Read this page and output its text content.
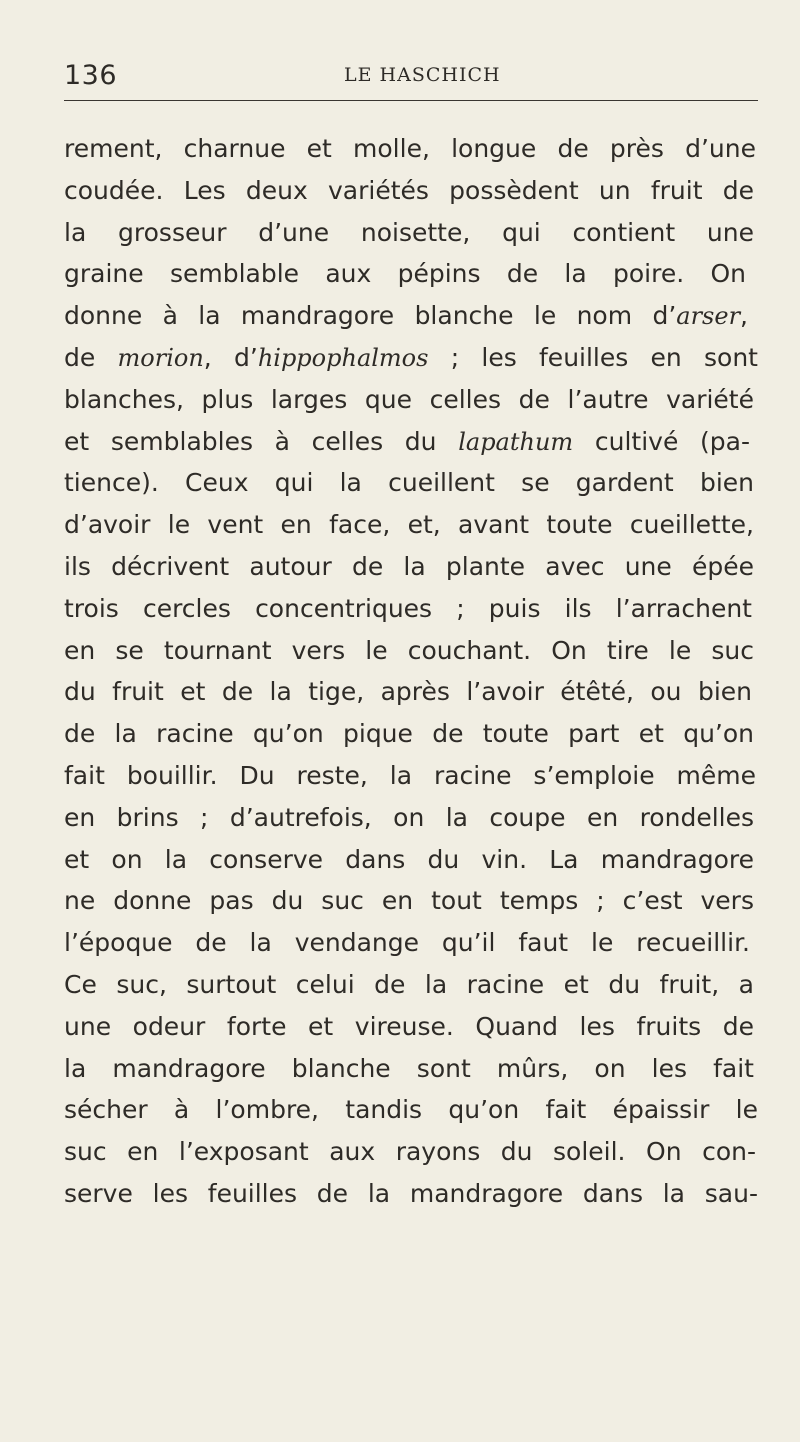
136	LE HASCHICH
rement, charnue et molle, longue de près d’une
coudée. Les deux variétés possèdent un fruit de
la grosseur d’une noisette, qui contient une
graine semblable aux pépins de la poire. On
donne à la mandragore blanche le nom d’arser,
de morion, d’hippophalmos ; les feuilles en sont
blanches, plus larges que celles de l’autre variété
et semblables à celles du lapathum cultivé (pa-
tience). Ceux qui la cueillent se gardent bien
d’avoir le vent en face, et, avant toute cueillette,
ils décrivent autour de la plante avec une épée
trois cercles concentriques ; puis ils l’arrachent
en se tournant vers le couchant. On tire le suc
du fruit et de la tige, après l’avoir étêté, ou bien
de la racine qu’on pique de toute part et qu’on
fait bouillir. Du reste, la racine s’emploie même
en brins ; d’autrefois, on la coupe en rondelles
et on la conserve dans du vin. La mandragore
ne donne pas du suc en tout temps ; c’est vers
l’époque de la vendange qu’il faut le recueillir.
Ce suc, surtout celui de la racine et du fruit, a
une odeur forte et vireuse. Quand les fruits de
la mandragore blanche sont mûrs, on les fait
sécher à l’ombre, tandis qu’on fait épaissir le
suc en l’exposant aux rayons du soleil. On con-
serve les feuilles de la mandragore dans la sau-
